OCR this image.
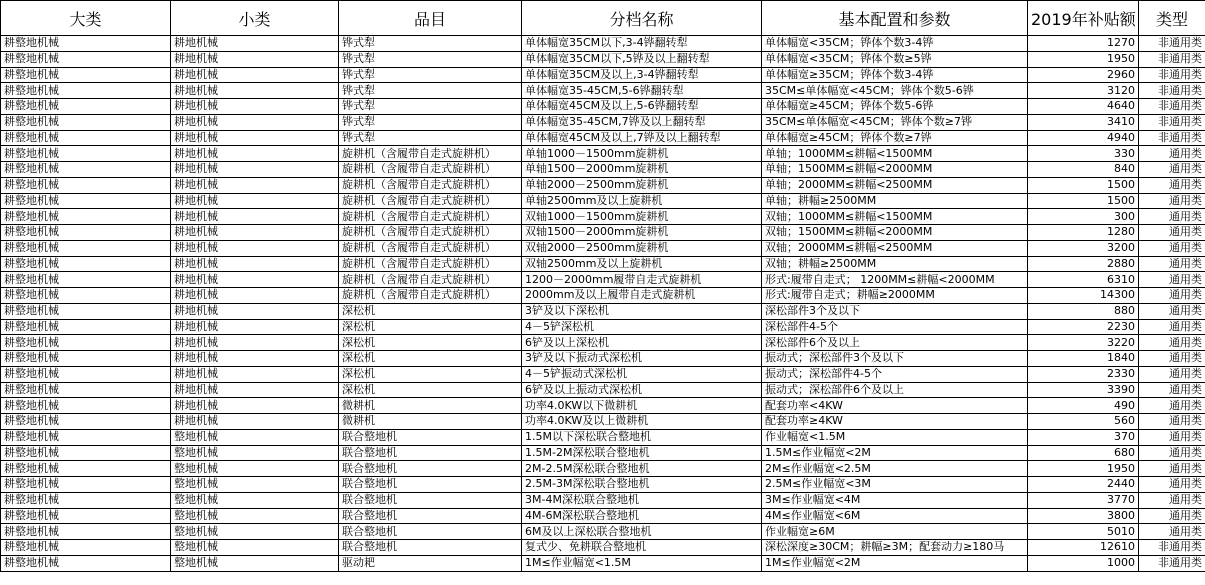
大类	小类	品目	分档名称	基本配置和参数	2019年补贴额	类型
耕整地机械	耕地机械	铧式犁	单体幅宽35CM以下,3-4铧翻转犁	单体幅宽<35CM；铧体个数3-4铧	1270	非通用类
耕整地机械	耕地机械	铧式犁	单体幅宽35CM以下,5铧及以上翻转犁	单体幅宽<35CM；铧体个数≥5铧	1950	非通用类
耕整地机械	耕地机械	铧式犁	单体幅宽35CM及以上,3-4铧翻转犁	单体幅宽≥35CM；铧体个数3-4铧	2960	非通用类
耕整地机械	耕地机械	铧式犁	单体幅宽35-45CM,5-6铧翻转犁	35CM≤单体幅宽<45CM；铧体个数5-6铧	3120	非通用类
耕整地机械	耕地机械	铧式犁	单体幅宽45CM及以上,5-6铧翻转犁	单体幅宽≥45CM；铧体个数5-6铧	4640	非通用类
耕整地机械	耕地机械	铧式犁	单体幅宽35-45CM,7铧及以上翻转犁	35CM≤单体幅宽<45CM；铧体个数≥7铧	3410	非通用类
耕整地机械	耕地机械	铧式犁	单体幅宽45CM及以上,7铧及以上翻转犁	单体幅宽≥45CM；铧体个数≥7铧	4940	非通用类
耕整地机械	耕地机械	旋耕机（含履带自走式旋耕机）	单轴1000－1500mm旋耕机	单轴；1000MM≤耕幅<1500MM	330	通用类
耕整地机械	耕地机械	旋耕机（含履带自走式旋耕机）	单轴1500－2000mm旋耕机	单轴；1500MM≤耕幅<2000MM	840	通用类
耕整地机械	耕地机械	旋耕机（含履带自走式旋耕机）	单轴2000－2500mm旋耕机	单轴；2000MM≤耕幅<2500MM	1500	通用类
耕整地机械	耕地机械	旋耕机（含履带自走式旋耕机）	单轴2500mm及以上旋耕机	单轴；耕幅≥2500MM	1500	通用类
耕整地机械	耕地机械	旋耕机（含履带自走式旋耕机）	双轴1000－1500mm旋耕机	双轴；1000MM≤耕幅<1500MM	300	通用类
耕整地机械	耕地机械	旋耕机（含履带自走式旋耕机）	双轴1500－2000mm旋耕机	双轴；1500MM≤耕幅<2000MM	1280	通用类
耕整地机械	耕地机械	旋耕机（含履带自走式旋耕机）	双轴2000－2500mm旋耕机	双轴；2000MM≤耕幅<2500MM	3200	通用类
耕整地机械	耕地机械	旋耕机（含履带自走式旋耕机）	双轴2500mm及以上旋耕机	双轴；耕幅≥2500MM	2880	通用类
耕整地机械	耕地机械	旋耕机（含履带自走式旋耕机）	1200－2000mm履带自走式旋耕机	形式:履带自走式； 1200MM≤耕幅<2000MM	6310	通用类
耕整地机械	耕地机械	旋耕机（含履带自走式旋耕机）	2000mm及以上履带自走式旋耕机	形式:履带自走式；耕幅≥2000MM	14300	通用类
耕整地机械	耕地机械	深松机	3铲及以下深松机	深松部件3个及以下	880	通用类
耕整地机械	耕地机械	深松机	4－5铲深松机	深松部件4-5个	2230	通用类
耕整地机械	耕地机械	深松机	6铲及以上深松机	深松部件6个及以上	3220	通用类
耕整地机械	耕地机械	深松机	3铲及以下振动式深松机	振动式；深松部件3个及以下	1840	通用类
耕整地机械	耕地机械	深松机	4－5铲振动式深松机	振动式；深松部件4-5个	2330	通用类
耕整地机械	耕地机械	深松机	6铲及以上振动式深松机	振动式；深松部件6个及以上	3390	通用类
耕整地机械	耕地机械	微耕机	功率4.0KW以下微耕机	配套功率<4KW	490	通用类
耕整地机械	耕地机械	微耕机	功率4.0KW及以上微耕机	配套功率≥4KW	560	通用类
耕整地机械	整地机械	联合整地机	1.5M以下深松联合整地机	作业幅宽<1.5M	370	通用类
耕整地机械	整地机械	联合整地机	1.5M-2M深松联合整地机	1.5M≤作业幅宽<2M	680	通用类
耕整地机械	整地机械	联合整地机	2M-2.5M深松联合整地机	2M≤作业幅宽<2.5M	1950	通用类
耕整地机械	整地机械	联合整地机	2.5M-3M深松联合整地机	2.5M≤作业幅宽<3M	2440	通用类
耕整地机械	整地机械	联合整地机	3M-4M深松联合整地机	3M≤作业幅宽<4M	3770	通用类
耕整地机械	整地机械	联合整地机	4M-6M深松联合整地机	4M≤作业幅宽<6M	3800	通用类
耕整地机械	整地机械	联合整地机	6M及以上深松联合整地机	作业幅宽≥6M	5010	通用类
耕整地机械	整地机械	联合整地机	复式少、免耕联合整地机	深松深度≥30CM；耕幅≥3M；配套动力≥180马	12610	非通用类
耕整地机械	整地机械	驱动耙	1M≤作业幅宽<1.5M	1M≤作业幅宽<2M	1000	非通用类
